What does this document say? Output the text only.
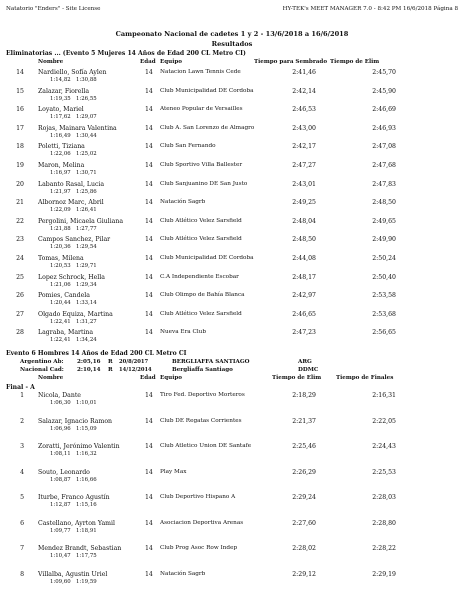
Natatorio "Enders" - Site License	HY-TEK's MEET MANAGER 7.0 - 8:42 PM 16/6/2018 Página 8
Campeonato Nacional de cadetes 1 y 2 - 13/6/2018 a 16/6/2018
Resultados
Eliminatorias ... (Evento 5 Mujeres 14 Años de Edad 200 CL Metro CI)
Nombre	Edad Equipo	Tiempo para Sembrado Tiempo de Elim
14 Nardiello, Sofía Aylen	14 Natacion Lawn Tennis Cede	2:41,46	2:45,70
1:14,82 1:30,88
15 Zalazar, Fiorella	14 Club Municipalidad DE Cordoba	2:42,14	2:45,90
1:19,35 1:26,55
16 Loyato, Mariel	14 Ateneo Popular de Versailles	2:46,53	2:46,69
1:17,62 1:29,07
17 Rojas, Mainara Valentina	14 Club A. San Lorenzo de Almagro	2:43,00	2:46,93
1:16,49 1:30,44
18 Poletti, Tiziana	14 Club San Fernando	2:42,17	2:47,08
1:22,06 1:25,02
19 Maron, Melina	14 Club Sportivo Villa Ballester	2:47,27	2:47,68
1:16,97 1:30,71
20 Labanto Rasal, Lucia	14 Club Sanjuanino DE San Justo	2:43,01	2:47,83
1:21,97 1:25,86
21 Albornoz Marc, Abril	14 Natación Sagrb	2:49,25	2:48,50
1:22,09 1:26,41
22 Pergolini, Micaela Giuliana	14 Club Atlético Velez Sarsfield	2:48,04	2:49,65
1:21,88 1:27,77
23 Campos Sanchez, Pilar	14 Club Atlético Velez Sarsfield	2:48,50	2:49,90
1:20,36 1:29,54
24 Tomas, Milena	14 Club Municipalidad DE Cordoba	2:44,08	2:50,24
1:20,53 1:29,71
25 Lopez Schrock, Hella	14 C.A Independiente Escobar	2:48,17	2:50,40
1:21,06 1:29,34
26 Pomies, Candela	14 Club Olimpo de Bahía Blanca	2:42,97	2:53,58
1:20,44 1:33,14
27 Olgado Equiza, Martina	14 Club Atlético Velez Sarsfield	2:46,65	2:53,68
1:22,41 1:31,27
28 Lagraba, Martina	14 Nueva Era Club	2:47,23	2:56,65
1:22,41 1:34,24
Evento 6 Hombres 14 Años de Edad 200 CL Metro CI
Argentino Ab: 2:05,16 R 20/8/2017	BERGLIAFFA SANTIAGO	ARG
Nacional Cad: 2:10,14 R 14/12/2014	Bergliaffa Santiago	DDMC
Nombre	Edad Equipo	Tiempo de Elim	Tiempo de Finales
Final - A
1 Nicola, Dante	14 Tiro Fed. Deportivo Morteros	2:18,29	2:16,31
1:06,30 1:10,01
2 Salazar, Ignacio Ramon	14 Club DE Regatas Corrientes	2:21,37	2:22,05
1:06,96 1:15,09
3 Zoratti, Jerónimo Valentin	14 Club Atletico Union DE Santafe	2:25,46	2:24,43
1:08,11 1:16,32
4 Souto, Leonardo	14 Play Max	2:26,29	2:25,53
1:08,87 1:16,66
5 Iturbe, Franco Agustín	14 Club Deportivo Hispano A	2:29,24	2:28,03
1:12,87 1:15,16
6 Castellano, Ayrton Yamil	14 Asociacion Deportiva Arenas	2:27,60	2:28,80
1:09,77 1:18,91
7 Mendez Brandt, Sebastian	14 Club Prog Asoc Row Indep	2:28,02	2:28,22
1:10,47 1:17,75
8 Villalba, Agustin Uriel	14 Natación Sagrb	2:29,12	2:29,19
1:09,60 1:19,59
